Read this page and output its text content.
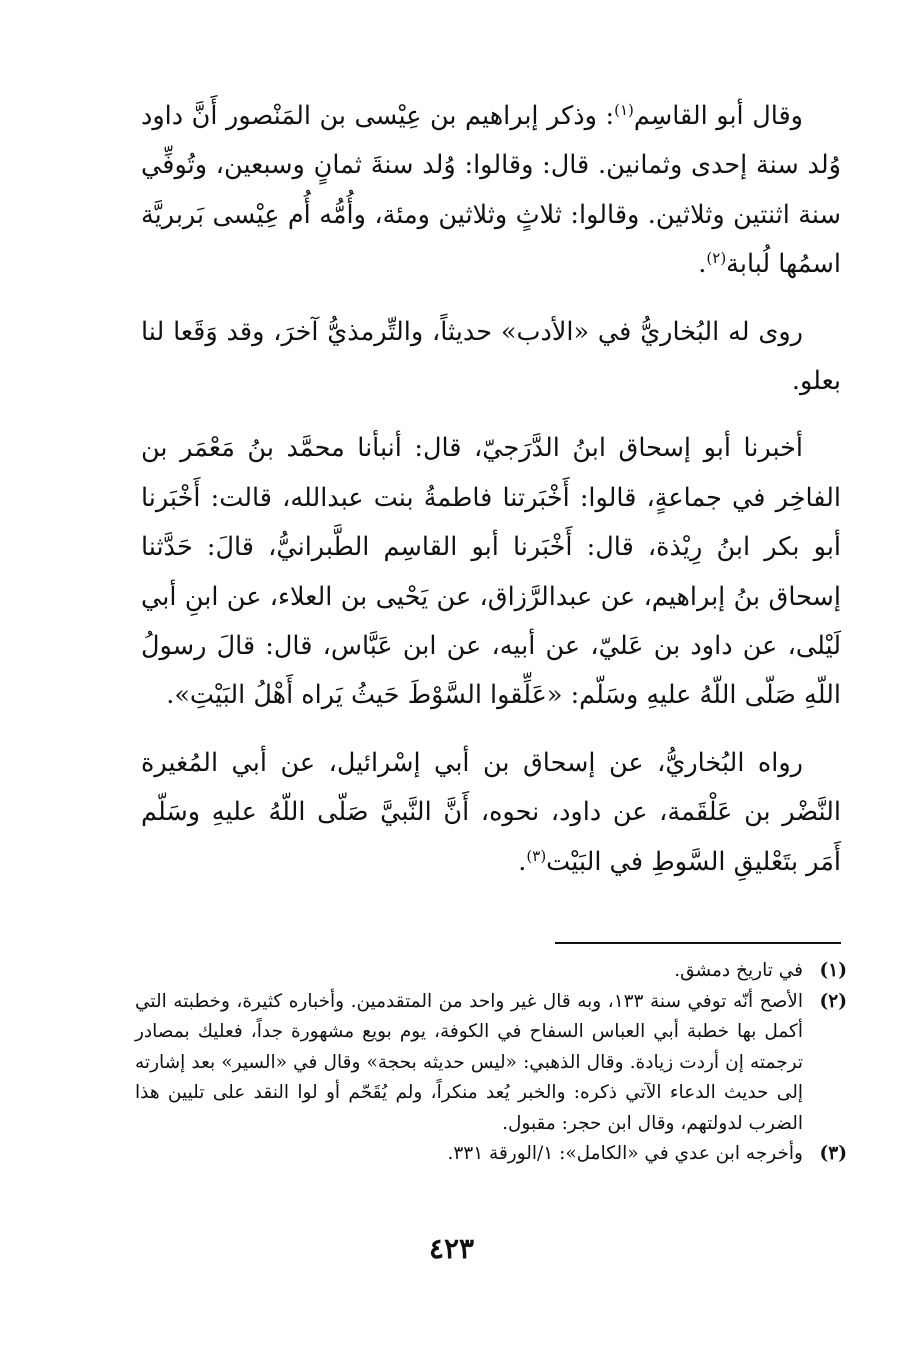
وقال أبو القاسِم$^{(١)}$: وذكر إبراهيم بن عِيْسى بن المَنْصور أَنَّ داود وُلد سنة إحدى وثمانين. قال: وقالوا: وُلد سنةَ ثمانٍ وسبعين، وتُوفِّي سنة اثنتين وثلاثين. وقالوا: ثلاثٍ وثلاثين ومئة، وأُمُّه أُم عِيْسى بَربريَّة اسمُها لُبابة$^{(٢)}$.

روى له البُخاريُّ في «الأدب» حديثاً، والتِّرمذيُّ آخرَ، وقد وَقَعا لنا بعلو.

أخبرنا أبو إسحاق ابنُ الدَّرَجيّ، قال: أنبأنا محمَّد بنُ مَعْمَر بن الفاخِر في جماعةٍ، قالوا: أَخْبَرتنا فاطمةُ بنت عبدالله، قالت: أَخْبَرنا أبو بكر ابنُ رِيْذة، قال: أَخْبَرنا أبو القاسِم الطَّبرانيُّ، قالَ: حَدَّثنا إسحاق بنُ إبراهيم، عن عبدالرَّزاق، عن يَحْيى بن العلاء، عن ابنِ أبي لَيْلى، عن داود بن عَليّ، عن أبيه، عن ابن عَبَّاس، قال: قالَ رسولُ اللّهِ صَلّى اللّهُ عليهِ وسَلّم: «عَلِّقوا السَّوْطَ حَيثُ يَراه أَهْلُ البَيْتِ».

رواه البُخاريُّ، عن إسحاق بن أبي إسْرائيل، عن أبي المُغيرة النَّضْر بن عَلْقَمة، عن داود، نحوه، أَنَّ النَّبيَّ صَلّى اللّهُ عليهِ وسَلّم أَمَر بتَعْليقِ السَّوطِ في البَيْت$^{(٣)}$.

(١)
في تاريخ دمشق.
(٢)
الأصح أنّه توفي سنة ١٣٣، وبه قال غير واحد من المتقدمين. وأخباره كثيرة، وخطبته التي أكمل بها خطبة أبي العباس السفاح في الكوفة، يوم بويع مشهورة جداً، فعليك بمصادر ترجمته إن أردت زيادة. وقال الذهبي: «ليس حديثه بحجة» وقال في «السير» بعد إشارته إلى حديث الدعاء الآتي ذكره: والخبر يُعد منكراً، ولم يُقَحّم أو لوا النقد على تليين هذا الضرب لدولتهم، وقال ابن حجر: مقبول.
(٣)
وأخرجه ابن عدي في «الكامل»: ١/الورقة ٣٣١.
٤٢٣
